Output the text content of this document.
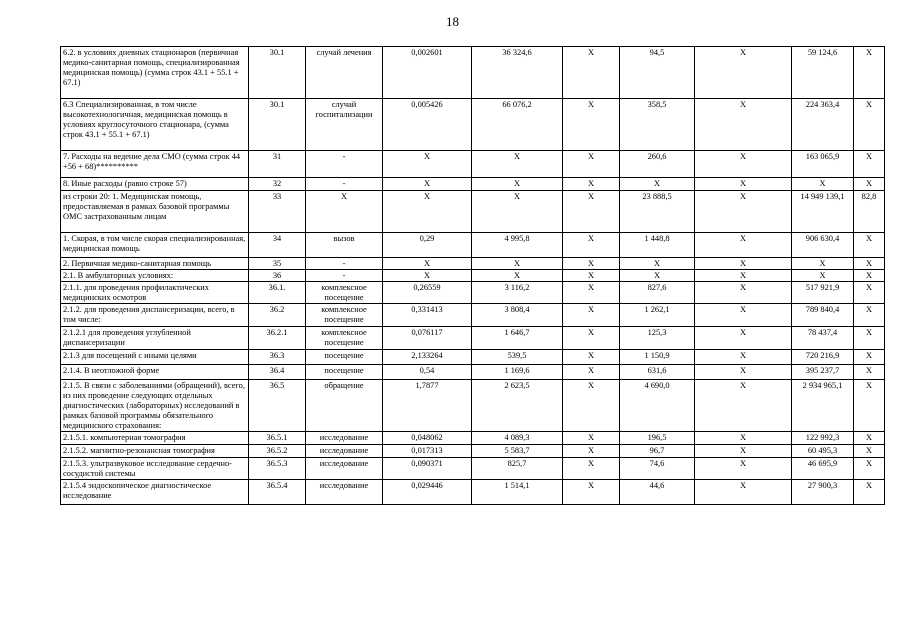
18
6.2. в условиях дневных стационаров (первичная медико-санитарная помощь, специализированная медицинская помощь) (сумма строк 43.1 + 55.1 + 67.1)	30.1	случай лечения	0,002601	36 324,6	Х	94,5	Х	59 124,6	Х
6.3 Специализированная, в том числе высокотехнологичная, медицинская помощь в условиях круглосуточного стационара, (сумма строк 43.1 + 55.1 + 67.1)	30.1	случай госпитализации	0,005426	66 076,2	Х	358,5	Х	224 363,4	Х
7. Расходы на ведение дела СМО (сумма строк 44 +56 + 68)**********	31	-	Х	Х	Х	260,6	Х	163 065,9	Х
8. Иные расходы (равно строке 57)	32	-	Х	Х	Х	Х	Х	Х	Х
из строки 20: 1. Медицинская помощь, предоставляемая в рамках базовой программы ОМС застрахованным лицам	33	Х	Х	Х	Х	23 888,5	Х	14 949 139,1	82,8
1. Скорая, в том числе скорая специализированная, медицинская помощь	34	вызов	0,29	4 995,8	Х	1 448,8	Х	906 630,4	Х
2. Первичная медико-санитарная помощь	35	-	Х	Х	Х	Х	Х	Х	Х
2.1. В амбулаторных условиях:	36	-	Х	Х	Х	Х	Х	Х	Х
2.1.1. для проведения профилактических медицинских осмотров	36.1.	комплексное посещение	0,26559	3 116,2	Х	827,6	Х	517 921,9	Х
2.1.2. для проведения диспансеризации, всего, в том числе:	36.2	комплексное посещение	0,331413	3 808,4	Х	1 262,1	Х	789 840,4	Х
2.1.2.1 для проведения углубленной диспансеризации	36.2.1	комплексное посещение	0,076117	1 646,7	Х	125,3	Х	78 437,4	Х
2.1.3 для посещений с иными целями	36.3	посещение	2,133264	539,5	Х	1 150,9	Х	720 216,9	Х
2.1.4. В неотложной форме	36.4	посещение	0,54	1 169,6	Х	631,6	Х	395 237,7	Х
2.1.5. В связи с заболеваниями (обращений), всего, из них проведение следующих отдельных диагностических (лабораторных) исследований в рамках базовой программы обязательного медицинского страхования:	36.5	обращение	1,7877	2 623,5	Х	4 690,0	Х	2 934 965,1	Х
2.1.5.1. компьютерная томография	36.5.1	исследование	0,048062	4 089,3	Х	196,5	Х	122 992,3	Х
2.1.5.2. магнитно-резонансная томография	36.5.2	исследование	0,017313	5 583,7	Х	96,7	Х	60 495,3	Х
2.1.5.3. ультразвуковое исследование сердечно-сосудистой системы	36.5.3	исследование	0,090371	825,7	Х	74,6	Х	46 695,9	Х
2.1.5.4 эндоскопическое диагностическое исследование	36.5.4	исследование	0,029446	1 514,1	Х	44,6	Х	27 900,3	Х
